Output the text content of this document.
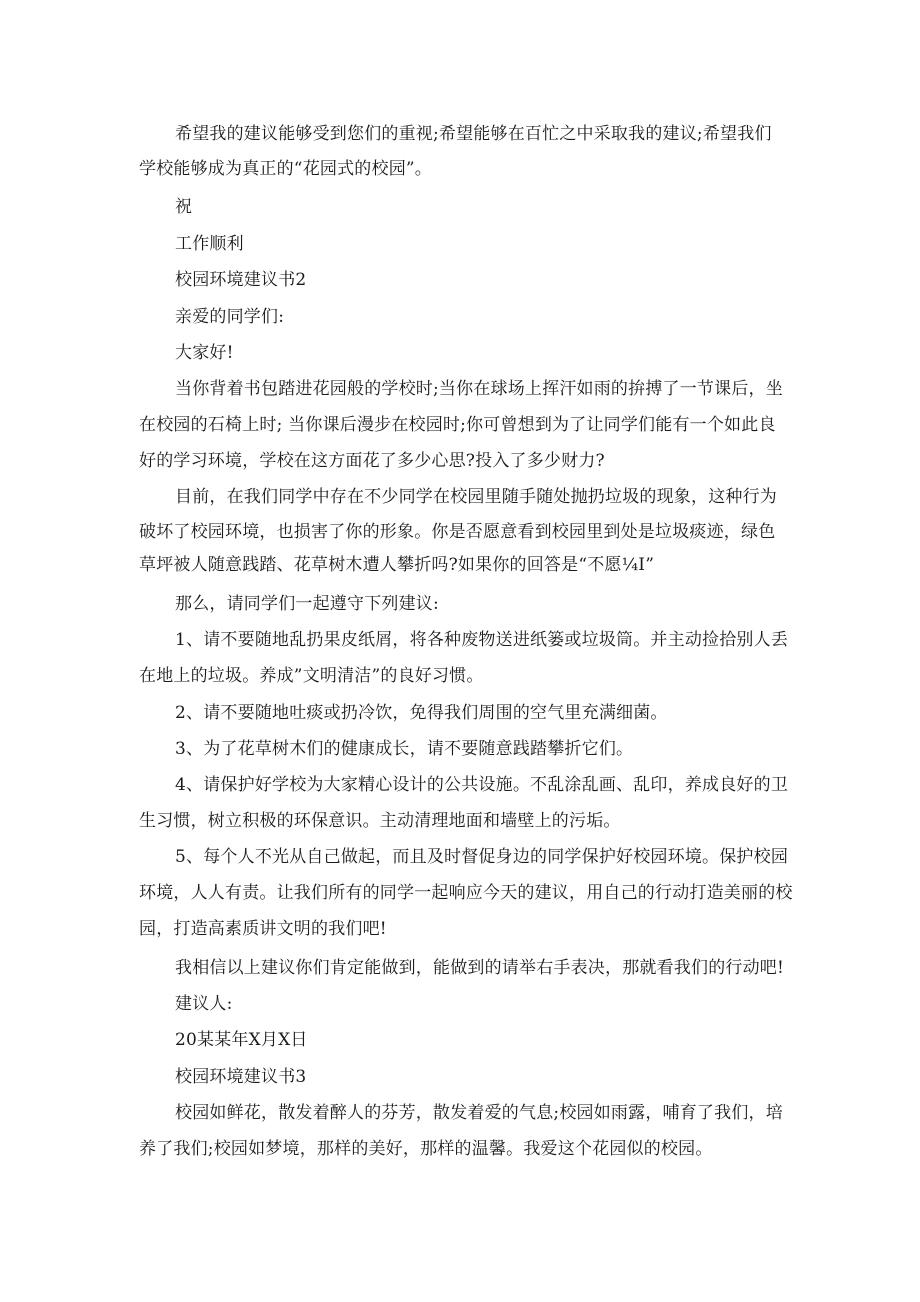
希望我的建议能够受到您们的重视;希望能够在百忙之中采取我的建议;希望我们

学校能够成为真正的“花园式的校园”。

祝

工作顺利

校园环境建议书2

亲爱的同学们:

大家好!

当你背着书包踏进花园般的学校时;当你在球场上挥汗如雨的拚搏了一节课后，坐

在校园的石椅上时; 当你课后漫步在校园时;你可曾想到为了让同学们能有一个如此良

好的学习环境，学校在这方面花了多少心思?投入了多少财力?

目前，在我们同学中存在不少同学在校园里随手随处抛扔垃圾的现象，这种行为

破坏了校园环境，也损害了你的形象。你是否愿意看到校园里到处是垃圾痰迹，绿色

草坪被人随意践踏、花草树木遭人攀折吗?如果你的回答是“不愿¼I”

那么，请同学们一起遵守下列建议:

1、请不要随地乱扔果皮纸屑，将各种废物送进纸篓或垃圾筒。并主动捡拾别人丢

在地上的垃圾。养成”文明清洁”的良好习惯。

2、请不要随地吐痰或扔冷饮，免得我们周围的空气里充满细菌。

3、为了花草树木们的健康成长，请不要随意践踏攀折它们。

4、请保护好学校为大家精心设计的公共设施。不乱涂乱画、乱印，养成良好的卫

生习惯，树立积极的环保意识。主动清理地面和墙壁上的污垢。

5、每个人不光从自己做起，而且及时督促身边的同学保护好校园环境。保护校园

环境，人人有责。让我们所有的同学一起响应今天的建议，用自己的行动打造美丽的校

园，打造高素质讲文明的我们吧!

我相信以上建议你们肯定能做到，能做到的请举右手表决，那就看我们的行动吧!

建议人:

20某某年X月X日

校园环境建议书3

校园如鲜花，散发着醉人的芬芳，散发着爱的气息;校园如雨露，哺育了我们，培

养了我们;校园如梦境，那样的美好，那样的温馨。我爱这个花园似的校园。
